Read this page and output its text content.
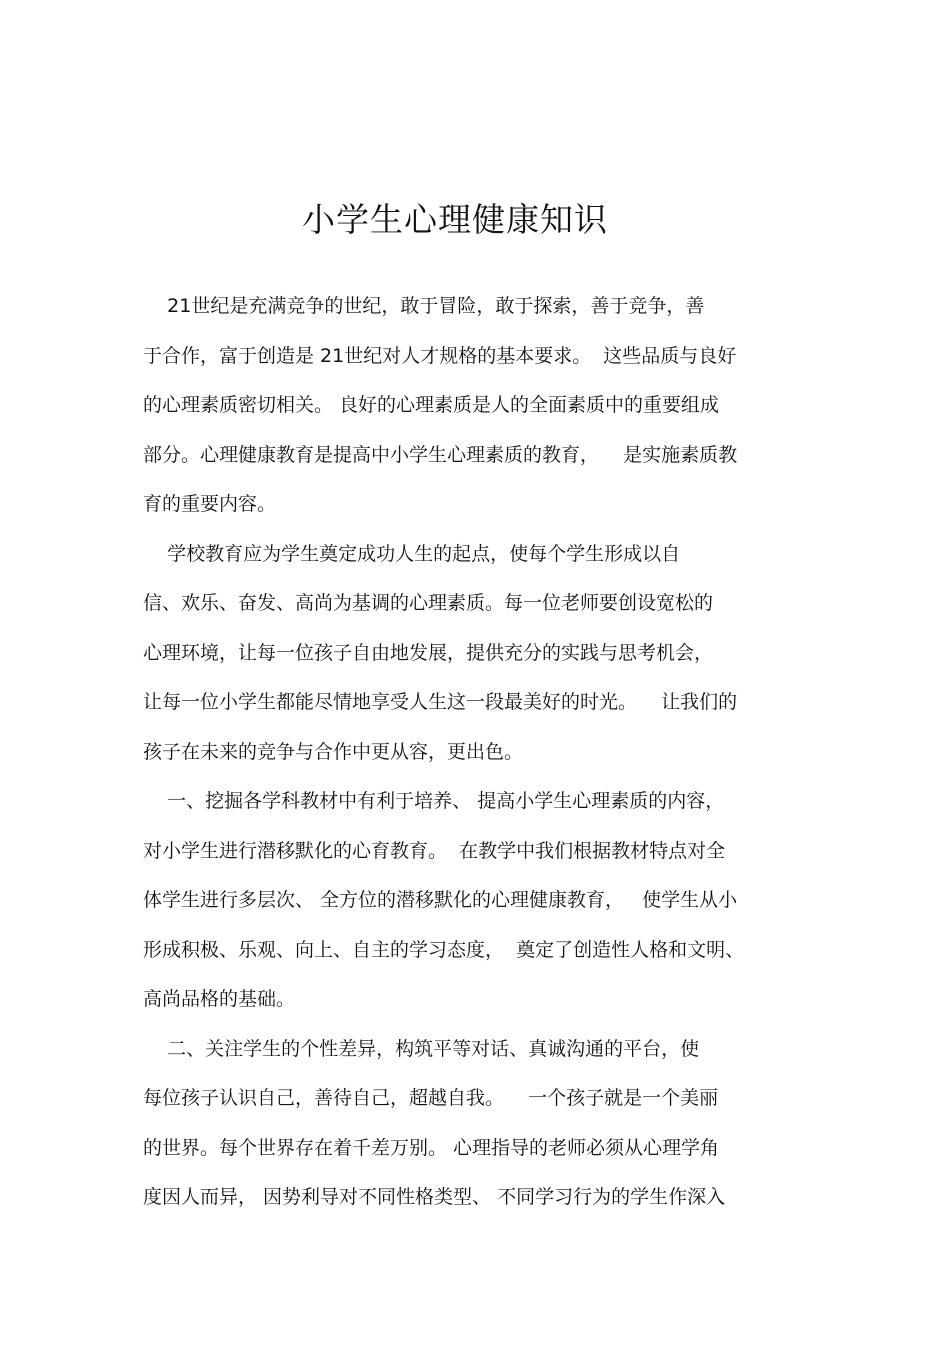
小学生心理健康知识
21世纪是充满竞争的世纪，敢于冒险，敢于探索，善于竞争，善
于合作，富于创造是 21世纪对人才规格的基本要求。  这些品质与良好
的心理素质密切相关。 良好的心理素质是人的全面素质中的重要组成
部分。心理健康教育是提高中小学生心理素质的教育，    是实施素质教
育的重要内容。
学校教育应为学生奠定成功人生的起点，使每个学生形成以自
信、欢乐、奋发、高尚为基调的心理素质。每一位老师要创设宽松的
心理环境，让每一位孩子自由地发展，提供充分的实践与思考机会，
让每一位小学生都能尽情地享受人生这一段最美好的时光。    让我们的
孩子在未来的竞争与合作中更从容，更出色。
一、挖掘各学科教材中有利于培养、 提高小学生心理素质的内容，
对小学生进行潜移默化的心育教育。  在教学中我们根据教材特点对全
体学生进行多层次、 全方位的潜移默化的心理健康教育，   使学生从小
形成积极、乐观、向上、自主的学习态度，  奠定了创造性人格和文明、
高尚品格的基础。
二、关注学生的个性差异，构筑平等对话、真诚沟通的平台，使
每位孩子认识自己，善待自己，超越自我。    一个孩子就是一个美丽
的世界。每个世界存在着千差万别。 心理指导的老师必须从心理学角
度因人而异， 因势利导对不同性格类型、 不同学习行为的学生作深入
